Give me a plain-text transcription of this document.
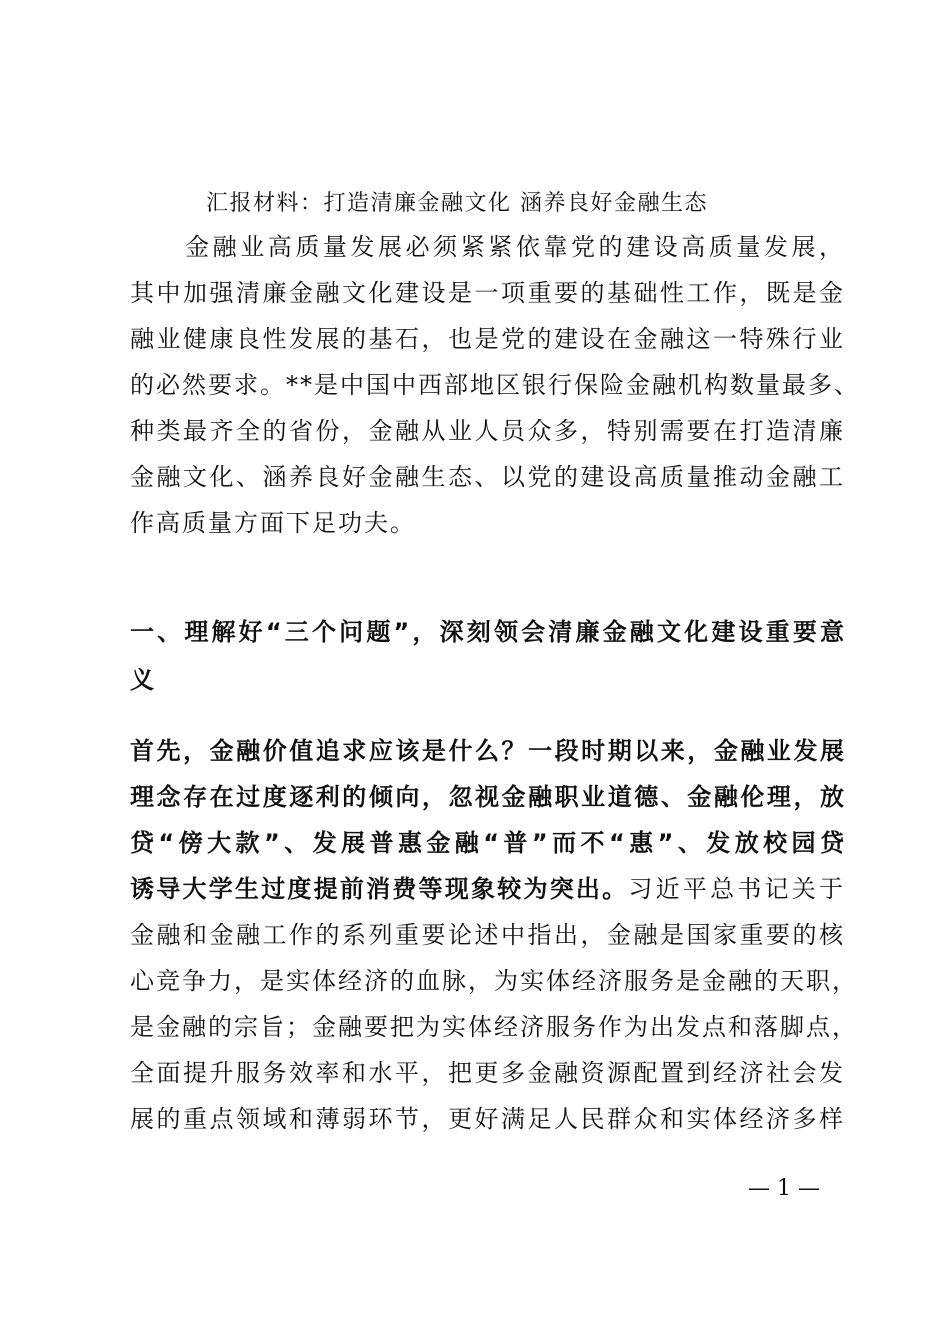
汇报材料：打造清廉金融文化 涵养良好金融生态
　　金融业高质量发展必须紧紧依靠党的建设高质量发展，
其中加强清廉金融文化建设是一项重要的基础性工作，既是金
融业健康良性发展的基石，也是党的建设在金融这一特殊行业
的必然要求。**是中国中西部地区银行保险金融机构数量最多、
种类最齐全的省份，金融从业人员众多，特别需要在打造清廉
金融文化、涵养良好金融生态、以党的建设高质量推动金融工
作高质量方面下足功夫。
一、理解好“三个问题”，深刻领会清廉金融文化建设重要意
义
首先，金融价值追求应该是什么？一段时期以来，金融业发展
理念存在过度逐利的倾向，忽视金融职业道德、金融伦理，放
贷“傍大款”、发展普惠金融“普”而不“惠”、发放校园贷
诱导大学生过度提前消费等现象较为突出。习近平总书记关于
金融和金融工作的系列重要论述中指出，金融是国家重要的核
心竞争力，是实体经济的血脉，为实体经济服务是金融的天职，
是金融的宗旨；金融要把为实体经济服务作为出发点和落脚点，
全面提升服务效率和水平，把更多金融资源配置到经济社会发
展的重点领域和薄弱环节，更好满足人民群众和实体经济多样
— 1 —
